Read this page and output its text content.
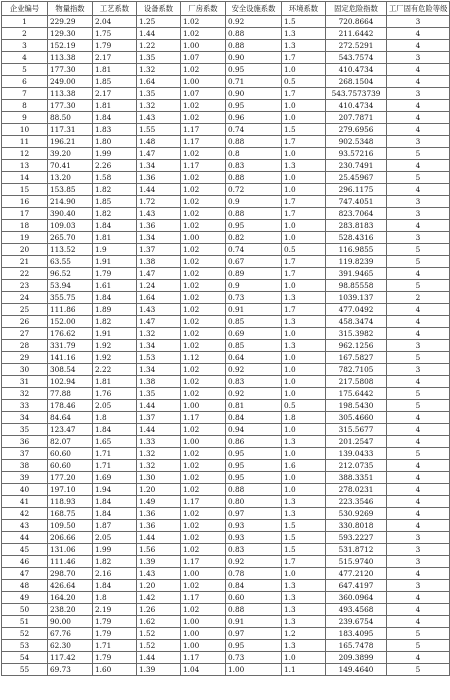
企业编号	物量指数	工艺系数	设备系数	厂房系数	安全设施系数	环境系数	固定危险指数	工厂固有危险等级
1	229.29	2.04	1.25	1.02	0.92	1.5	720.8664	3
2	129.30	1.75	1.44	1.02	0.88	1.3	211.6442	4
3	152.19	1.79	1.22	1.00	0.88	1.3	272.5291	4
4	113.38	2.17	1.35	1.07	0.90	1.7	543.7574	3
5	177.30	1.81	1.32	1.02	0.95	1.0	410.4734	4
6	249.00	1.85	1.64	1.00	0.71	0.5	268.1504	4
7	113.38	2.17	1.35	1.07	0.90	1.7	543.7573739	3
8	177.30	1.81	1.32	1.02	0.95	1.0	410.4734	4
9	88.50	1.84	1.43	1.02	0.96	1.0	207.7871	4
10	117.31	1.83	1.55	1.17	0.74	1.5	279.6956	4
11	196.21	1.80	1.48	1.17	0.88	1.7	902.5348	3
12	39.20	1.99	1.47	1.02	0.8	1.0	93.57216	5
13	70.41	2.26	1.34	1.17	0.83	1.3	230.7491	4
14	13.20	1.58	1.36	1.02	0.88	1.0	25.45967	5
15	153.85	1.82	1.44	1.02	0.72	1.0	296.1175	4
16	214.90	1.85	1.72	1.02	0.9	1.7	747.4051	3
17	390.40	1.82	1.43	1.02	0.88	1.7	823.7064	3
18	109.03	1.84	1.36	1.02	0.95	1.0	283.8183	4
19	265.70	1.81	1.34	1.00	0.82	1.0	528.4316	3
20	113.52	1.9	1.37	1.02	0.74	0.5	116.9855	5
21	63.55	1.91	1.38	1.02	0.67	1.7	119.8239	5
22	96.52	1.79	1.47	1.02	0.89	1.7	391.9465	4
23	53.94	1.61	1.24	1.02	0.9	1.0	98.85558	5
24	355.75	1.84	1.64	1.02	0.73	1.3	1039.137	2
25	111.86	1.89	1.43	1.02	0.91	1.7	477.0492	4
26	152.00	1.82	1.47	1.02	0.85	1.3	458.3474	4
27	176.62	1.91	1.32	1.02	0.69	1.0	315.3982	4
28	331.79	1.92	1.34	1.02	0.85	1.3	962.1256	3
29	141.16	1.92	1.53	1.12	0.64	1.0	167.5827	5
30	308.54	2.22	1.34	1.02	0.92	1.0	782.7105	3
31	102.94	1.81	1.38	1.02	0.83	1.0	217.5808	4
32	77.88	1.76	1.35	1.02	0.92	1.0	175.6442	5
33	178.46	2.05	1.44	1.00	0.81	0.5	198.5430	5
34	84.64	1.8	1.37	1.17	0.84	1.8	305.4660	4
35	123.47	1.84	1.44	1.02	0.94	1.0	315.5677	4
36	82.07	1.65	1.33	1.00	0.86	1.3	201.2547	4
37	60.60	1.71	1.32	1.02	0.95	1.0	139.0433	5
38	60.60	1.71	1.32	1.02	0.95	1.6	212.0735	4
39	177.20	1.69	1.30	1.02	0.95	1.0	388.3351	4
40	197.10	1.94	1.20	1.02	0.88	1.0	278.0231	4
41	118.93	1.84	1.49	1.17	0.80	1.3	223.3546	4
42	168.75	1.84	1.36	1.02	0.97	1.3	530.9269	4
43	109.50	1.87	1.36	1.02	0.93	1.5	330.8018	4
44	206.66	2.05	1.44	1.02	0.93	1.5	593.2227	3
45	131.06	1.99	1.56	1.02	0.83	1.5	531.8712	3
46	111.46	1.82	1.39	1.17	0.92	1.7	515.9740	3
47	298.70	2.16	1.43	1.00	0.78	1.0	477.2120	4
48	426.64	1.84	1.20	1.02	0.84	1.3	647.4197	3
49	164.20	1.8	1.42	1.17	0.60	1.3	360.0964	4
50	238.20	2.19	1.26	1.02	0.88	1.3	493.4568	4
51	90.00	1.79	1.62	1.00	0.91	1.3	239.6754	4
52	67.76	1.79	1.52	1.00	0.97	1.2	183.4095	5
53	62.30	1.71	1.52	1.00	0.95	1.3	165.7478	5
54	117.42	1.79	1.44	1.17	0.73	1.0	209.3899	4
55	69.73	1.60	1.39	1.04	1.00	1.1	149.4640	5
